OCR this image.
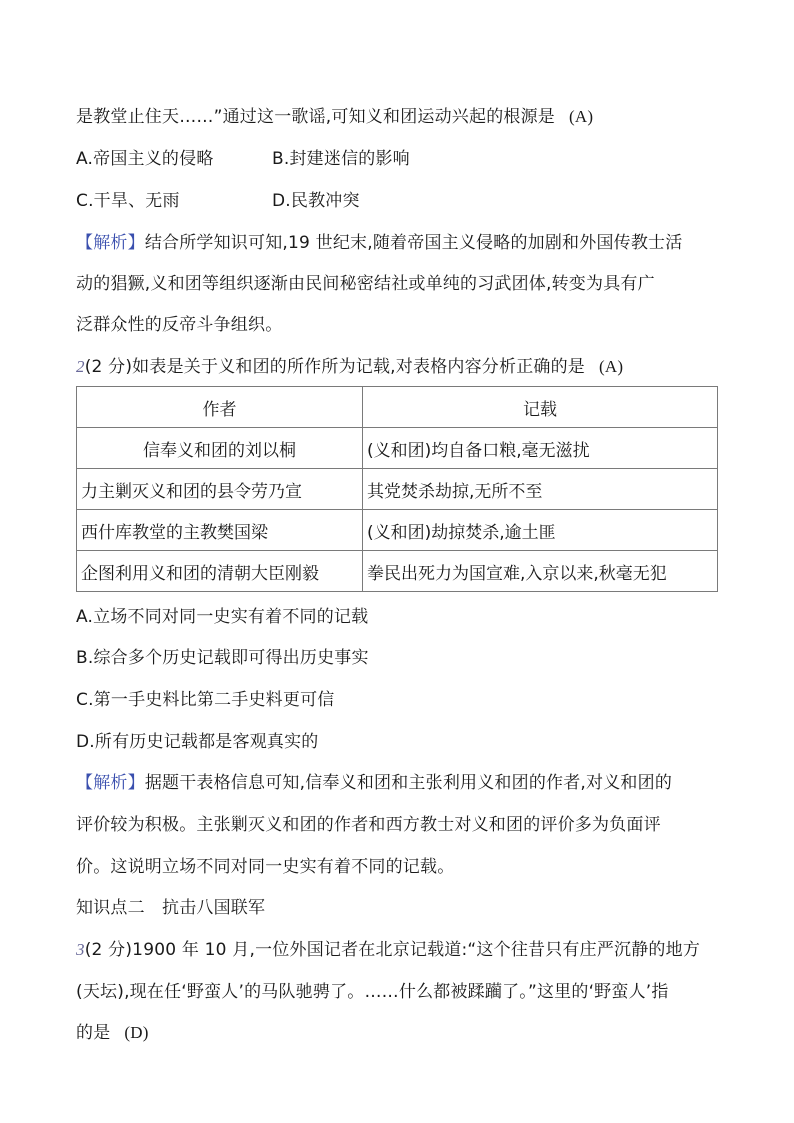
是教堂止住天……”通过这一歌谣,可知义和团运动兴起的根源是 (A)
A.帝国主义的侵略	B.封建迷信的影响
C.干旱、无雨	D.民教冲突
【解析】结合所学知识可知,19 世纪末,随着帝国主义侵略的加剧和外国传教士活
动的猖獗,义和团等组织逐渐由民间秘密结社或单纯的习武团体,转变为具有广
泛群众性的反帝斗争组织。
2(2 分)如表是关于义和团的所作所为记载,对表格内容分析正确的是 (A)
作者	记载
信奉义和团的刘以桐	(义和团)均自备口粮,毫无滋扰
力主剿灭义和团的县令劳乃宣	其党焚杀劫掠,无所不至
西什库教堂的主教樊国梁	(义和团)劫掠焚杀,逾土匪
企图利用义和团的清朝大臣刚毅	拳民出死力为国宣难,入京以来,秋毫无犯
A.立场不同对同一史实有着不同的记载
B.综合多个历史记载即可得出历史事实
C.第一手史料比第二手史料更可信
D.所有历史记载都是客观真实的
【解析】据题干表格信息可知,信奉义和团和主张利用义和团的作者,对义和团的
评价较为积极。主张剿灭义和团的作者和西方教士对义和团的评价多为负面评
价。这说明立场不同对同一史实有着不同的记载。
知识点二　抗击八国联军
3(2 分)1900 年 10 月,一位外国记者在北京记载道:“这个往昔只有庄严沉静的地方
(天坛),现在任‘野蛮人’的马队驰骋了。……什么都被蹂躏了。”这里的‘野蛮人’指
的是 (D)
